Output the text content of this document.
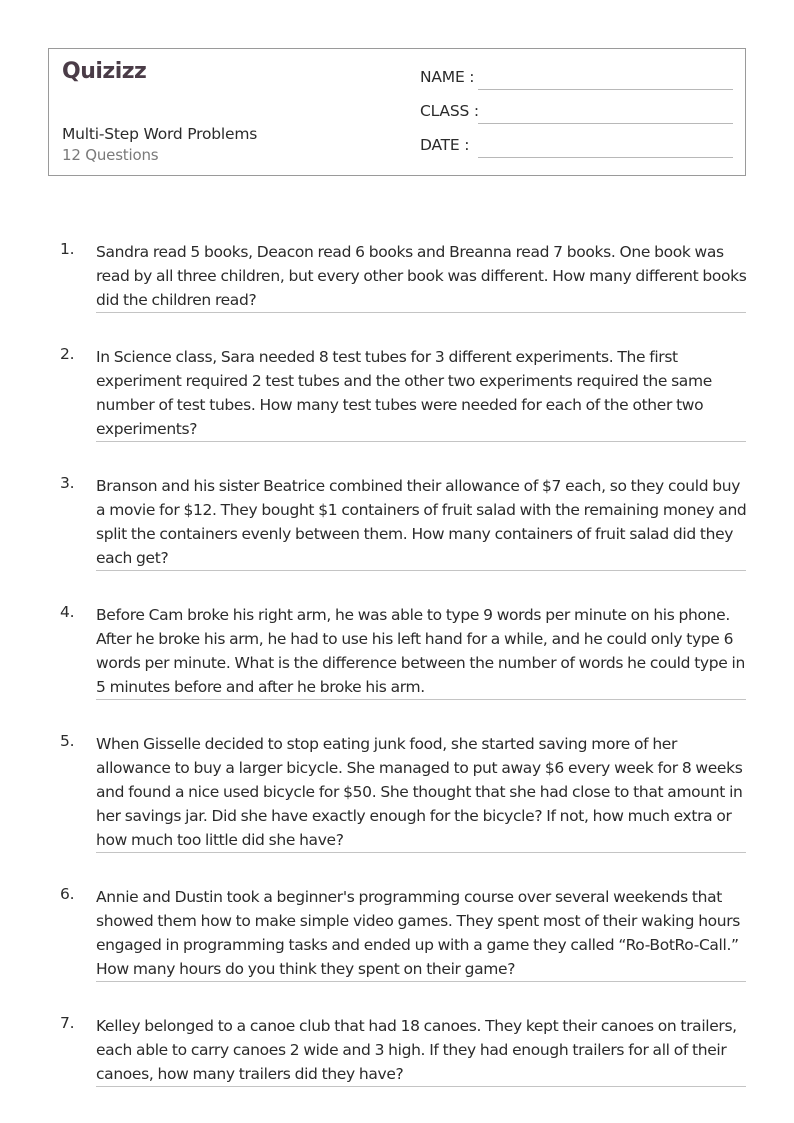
Quizizz
Multi-Step Word Problems
12 Questions
NAME :
CLASS :
DATE :
1. Sandra read 5 books, Deacon read 6 books and Breanna read 7 books. One book was read by all three children, but every other book was different. How many different books did the children read?
2. In Science class, Sara needed 8 test tubes for 3 different experiments. The first experiment required 2 test tubes and the other two experiments required the same number of test tubes. How many test tubes were needed for each of the other two experiments?
3. Branson and his sister Beatrice combined their allowance of $7 each, so they could buy a movie for $12. They bought $1 containers of fruit salad with the remaining money and split the containers evenly between them. How many containers of fruit salad did they each get?
4. Before Cam broke his right arm, he was able to type 9 words per minute on his phone. After he broke his arm, he had to use his left hand for a while, and he could only type 6 words per minute. What is the difference between the number of words he could type in 5 minutes before and after he broke his arm.
5. When Gisselle decided to stop eating junk food, she started saving more of her allowance to buy a larger bicycle. She managed to put away $6 every week for 8 weeks and found a nice used bicycle for $50. She thought that she had close to that amount in her savings jar. Did she have exactly enough for the bicycle? If not, how much extra or how much too little did she have?
6. Annie and Dustin took a beginner's programming course over several weekends that showed them how to make simple video games. They spent most of their waking hours engaged in programming tasks and ended up with a game they called “Ro-BotRo-Call.” How many hours do you think they spent on their game?
7. Kelley belonged to a canoe club that had 18 canoes. They kept their canoes on trailers, each able to carry canoes 2 wide and 3 high. If they had enough trailers for all of their canoes, how many trailers did they have?
